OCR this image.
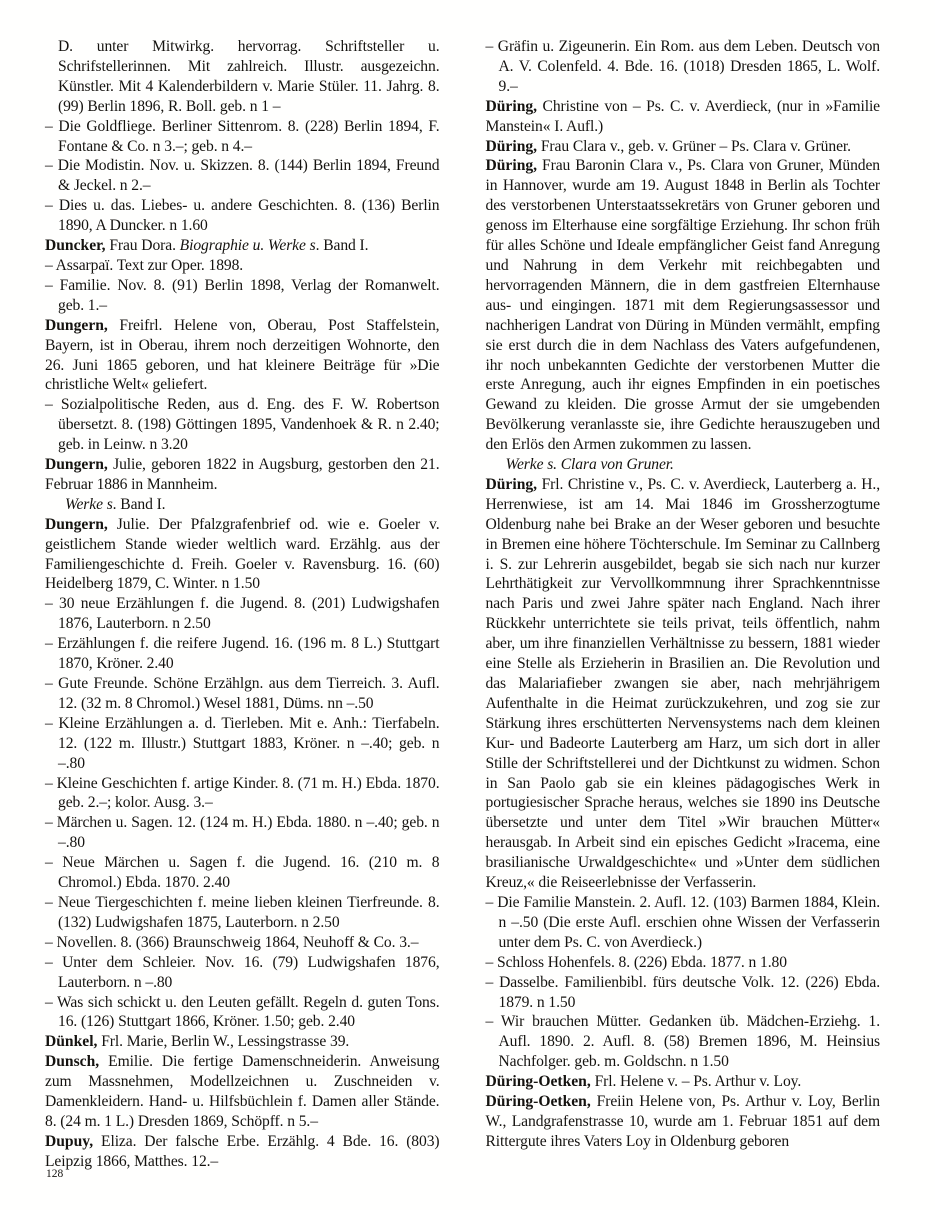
D. unter Mitwirkg. hervorrag. Schriftsteller u. Schrifstellerinnen. Mit zahlreich. Illustr. ausgezeichn. Künstler. Mit 4 Kalenderbildern v. Marie Stüler. 11. Jahrg. 8. (99) Berlin 1896, R. Boll. geb. n 1 –

– Die Goldfliege. Berliner Sittenrom. 8. (228) Berlin 1894, F. Fontane & Co. n 3.–; geb. n 4.–

– Die Modistin. Nov. u. Skizzen. 8. (144) Berlin 1894, Freund & Jeckel. n 2.–

– Dies u. das. Liebes- u. andere Geschichten. 8. (136) Berlin 1890, A Duncker. n 1.60

Duncker, Frau Dora. Biographie u. Werke s. Band I.

– Assarpaï. Text zur Oper. 1898.

– Familie. Nov. 8. (91) Berlin 1898, Verlag der Romanwelt. geb. 1.–

Dungern, Freifrl. Helene von, Oberau, Post Staffelstein, Bayern, ist in Oberau, ihrem noch derzeitigen Wohnorte, den 26. Juni 1865 geboren, und hat kleinere Beiträge für »Die christliche Welt« geliefert.

– Sozialpolitische Reden, aus d. Eng. des F. W. Robertson übersetzt. 8. (198) Göttingen 1895, Vandenhoek & R. n 2.40; geb. in Leinw. n 3.20

Dungern, Julie, geboren 1822 in Augsburg, gestorben den 21. Februar 1886 in Mannheim.

Werke s. Band I.

Dungern, Julie. Der Pfalzgrafenbrief od. wie e. Goeler v. geistlichem Stande wieder weltlich ward. Erzählg. aus der Familiengeschichte d. Freih. Goeler v. Ravensburg. 16. (60) Heidelberg 1879, C. Winter. n 1.50

– 30 neue Erzählungen f. die Jugend. 8. (201) Ludwigshafen 1876, Lauterborn. n 2.50

– Erzählungen f. die reifere Jugend. 16. (196 m. 8 L.) Stuttgart 1870, Kröner. 2.40

– Gute Freunde. Schöne Erzählgn. aus dem Tierreich. 3. Aufl. 12. (32 m. 8 Chromol.) Wesel 1881, Düms. nn –.50

– Kleine Erzählungen a. d. Tierleben. Mit e. Anh.: Tierfabeln. 12. (122 m. Illustr.) Stuttgart 1883, Kröner. n –.40; geb. n –.80

– Kleine Geschichten f. artige Kinder. 8. (71 m. H.) Ebda. 1870. geb. 2.–; kolor. Ausg. 3.–

– Märchen u. Sagen. 12. (124 m. H.) Ebda. 1880. n –.40; geb. n –.80

– Neue Märchen u. Sagen f. die Jugend. 16. (210 m. 8 Chromol.) Ebda. 1870. 2.40

– Neue Tiergeschichten f. meine lieben kleinen Tierfreunde. 8. (132) Ludwigshafen 1875, Lauterborn. n 2.50

– Novellen. 8. (366) Braunschweig 1864, Neuhoff & Co. 3.–

– Unter dem Schleier. Nov. 16. (79) Ludwigshafen 1876, Lauterborn. n –.80

– Was sich schickt u. den Leuten gefällt. Regeln d. guten Tons. 16. (126) Stuttgart 1866, Kröner. 1.50; geb. 2.40

Dünkel, Frl. Marie, Berlin W., Lessingstrasse 39.

Dunsch, Emilie. Die fertige Damenschneiderin. Anweisung zum Massnehmen, Modellzeichnen u. Zuschneiden v. Damenkleidern. Hand- u. Hilfsbüchlein f. Damen aller Stände. 8. (24 m. 1 L.) Dresden 1869, Schöpff. n 5.–

Dupuy, Eliza. Der falsche Erbe. Erzählg. 4 Bde. 16. (803) Leipzig 1866, Matthes. 12.–

– Gräfin u. Zigeunerin. Ein Rom. aus dem Leben. Deutsch von A. V. Colenfeld. 4. Bde. 16. (1018) Dresden 1865, L. Wolf. 9.–

Düring, Christine von – Ps. C. v. Averdieck, (nur in »Familie Manstein« I. Aufl.)

Düring, Frau Clara v., geb. v. Grüner – Ps. Clara v. Grüner.

Düring, Frau Baronin Clara v., Ps. Clara von Gruner, Münden in Hannover, wurde am 19. August 1848 in Berlin als Tochter des verstorbenen Unterstaatssekretärs von Gruner geboren und genoss im Elterhause eine sorgfältige Erziehung. Ihr schon früh für alles Schöne und Ideale empfänglicher Geist fand Anregung und Nahrung in dem Verkehr mit reichbegabten und hervorragenden Männern, die in dem gastfreien Elternhause aus- und eingingen. 1871 mit dem Regierungsassessor und nachherigen Landrat von Düring in Münden vermählt, empfing sie erst durch die in dem Nachlass des Vaters aufgefundenen, ihr noch unbekannten Gedichte der verstorbenen Mutter die erste Anregung, auch ihr eignes Empfinden in ein poetisches Gewand zu kleiden. Die grosse Armut der sie umgebenden Bevölkerung veranlasste sie, ihre Gedichte herauszugeben und den Erlös den Armen zukommen zu lassen.

Werke s. Clara von Gruner.

Düring, Frl. Christine v., Ps. C. v. Averdieck, Lauterberg a. H., Herrenwiese, ist am 14. Mai 1846 im Grossherzogtume Oldenburg nahe bei Brake an der Weser geboren und besuchte in Bremen eine höhere Töchterschule. Im Seminar zu Callnberg i. S. zur Lehrerin ausgebildet, begab sie sich nach nur kurzer Lehrthätigkeit zur Vervollkommnung ihrer Sprachkenntnisse nach Paris und zwei Jahre später nach England. Nach ihrer Rückkehr unterrichtete sie teils privat, teils öffentlich, nahm aber, um ihre finanziellen Verhältnisse zu bessern, 1881 wieder eine Stelle als Erzieherin in Brasilien an. Die Revolution und das Malariafieber zwangen sie aber, nach mehrjährigem Aufenthalte in die Heimat zurückzukehren, und zog sie zur Stärkung ihres erschütterten Nervensystems nach dem kleinen Kur- und Badeorte Lauterberg am Harz, um sich dort in aller Stille der Schriftstellerei und der Dichtkunst zu widmen. Schon in San Paolo gab sie ein kleines pädagogisches Werk in portugiesischer Sprache heraus, welches sie 1890 ins Deutsche übersetzte und unter dem Titel »Wir brauchen Mütter« herausgab. In Arbeit sind ein episches Gedicht »Iracema, eine brasilianische Urwaldgeschichte« und »Unter dem südlichen Kreuz,« die Reiseerlebnisse der Verfasserin.

– Die Familie Manstein. 2. Aufl. 12. (103) Barmen 1884, Klein. n –.50 (Die erste Aufl. erschien ohne Wissen der Verfasserin unter dem Ps. C. von Averdieck.)

– Schloss Hohenfels. 8. (226) Ebda. 1877. n 1.80

– Dasselbe. Familienbibl. fürs deutsche Volk. 12. (226) Ebda. 1879. n 1.50

– Wir brauchen Mütter. Gedanken üb. Mädchen-Erziehg. 1. Aufl. 1890. 2. Aufl. 8. (58) Bremen 1896, M. Heinsius Nachfolger. geb. m. Goldschn. n 1.50

Düring-Oetken, Frl. Helene v. – Ps. Arthur v. Loy.

Düring-Oetken, Freiin Helene von, Ps. Arthur v. Loy, Berlin W., Landgrafenstrasse 10, wurde am 1. Februar 1851 auf dem Rittergute ihres Vaters Loy in Oldenburg geboren

128
